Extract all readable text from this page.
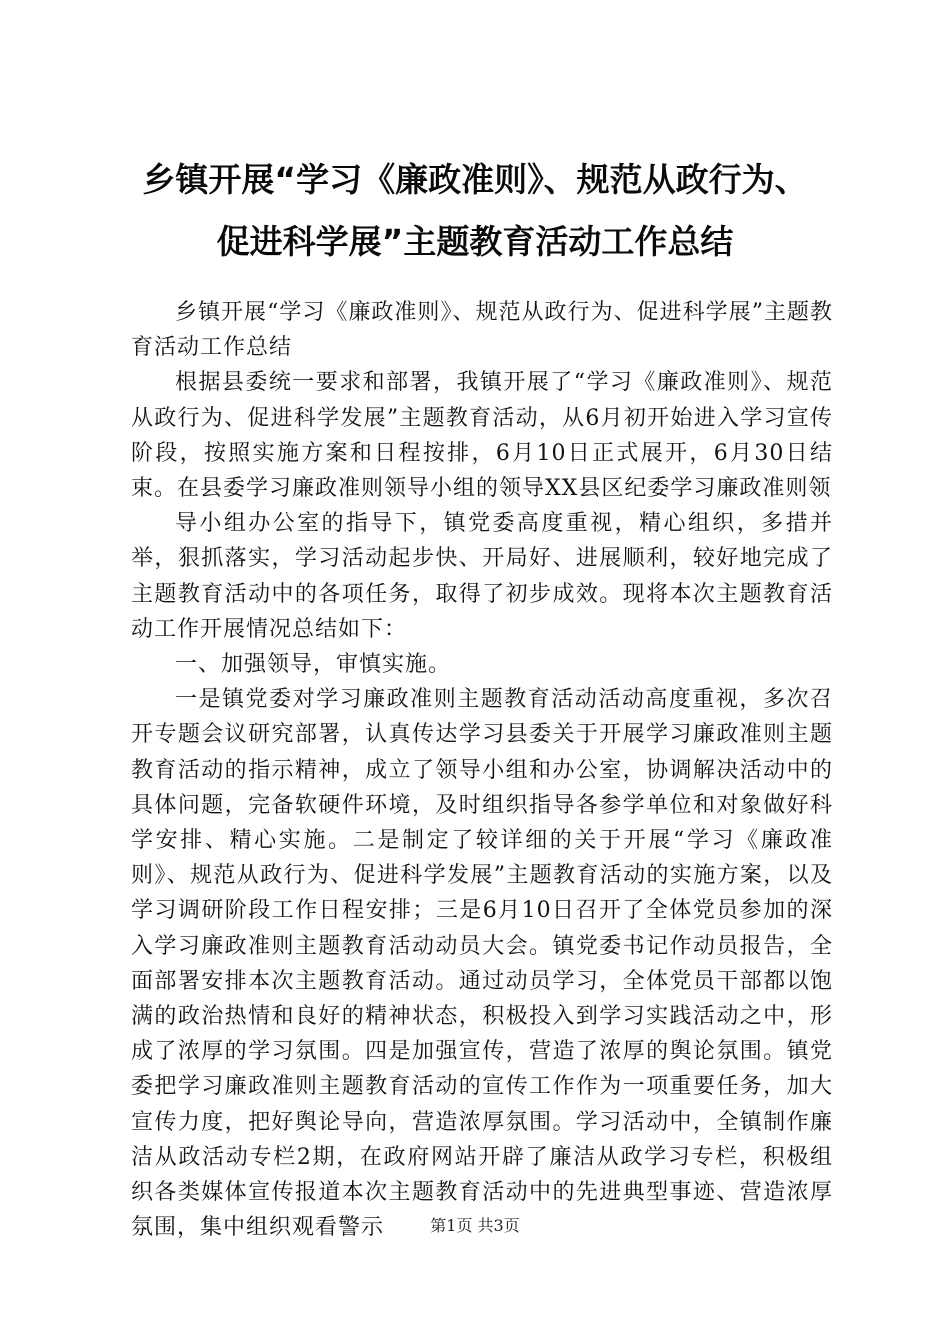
乡镇开展“学习《廉政准则》、规范从政行为、
促进科学展”主题教育活动工作总结

乡镇开展“学习《廉政准则》、规范从政行为、促进科学展”主题教育活动工作总结

根据县委统一要求和部署，我镇开展了“学习《廉政准则》、规范从政行为、促进科学发展”主题教育活动，从6月初开始进入学习宣传阶段，按照实施方案和日程按排，6月10日正式展开，6月30日结束。在县委学习廉政准则领导小组的领导XX县区纪委学习廉政准则领

导小组办公室的指导下，镇党委高度重视，精心组织，多措并举，狠抓落实，学习活动起步快、开局好、进展顺利，较好地完成了主题教育活动中的各项任务，取得了初步成效。现将本次主题教育活动工作开展情况总结如下：

一、加强领导，审慎实施。

一是镇党委对学习廉政准则主题教育活动活动高度重视，多次召开专题会议研究部署，认真传达学习县委关于开展学习廉政准则主题教育活动的指示精神，成立了领导小组和办公室，协调解决活动中的具体问题，完备软硬件环境，及时组织指导各参学单位和对象做好科学安排、精心实施。二是制定了较详细的关于开展“学习《廉政准则》、规范从政行为、促进科学发展”主题教育活动的实施方案，以及学习调研阶段工作日程安排；三是6月10日召开了全体党员参加的深入学习廉政准则主题教育活动动员大会。镇党委书记作动员报告，全面部署安排本次主题教育活动。通过动员学习，全体党员干部都以饱满的政治热情和良好的精神状态，积极投入到学习实践活动之中，形成了浓厚的学习氛围。四是加强宣传，营造了浓厚的舆论氛围。镇党委把学习廉政准则主题教育活动的宣传工作作为一项重要任务，加大宣传力度，把好舆论导向，营造浓厚氛围。学习活动中，全镇制作廉洁从政活动专栏2期，在政府网站开辟了廉洁从政学习专栏，积极组织各类媒体宣传报道本次主题教育活动中的先进典型事迹、营造浓厚氛围，集中组织观看警示	第1页 共3页
